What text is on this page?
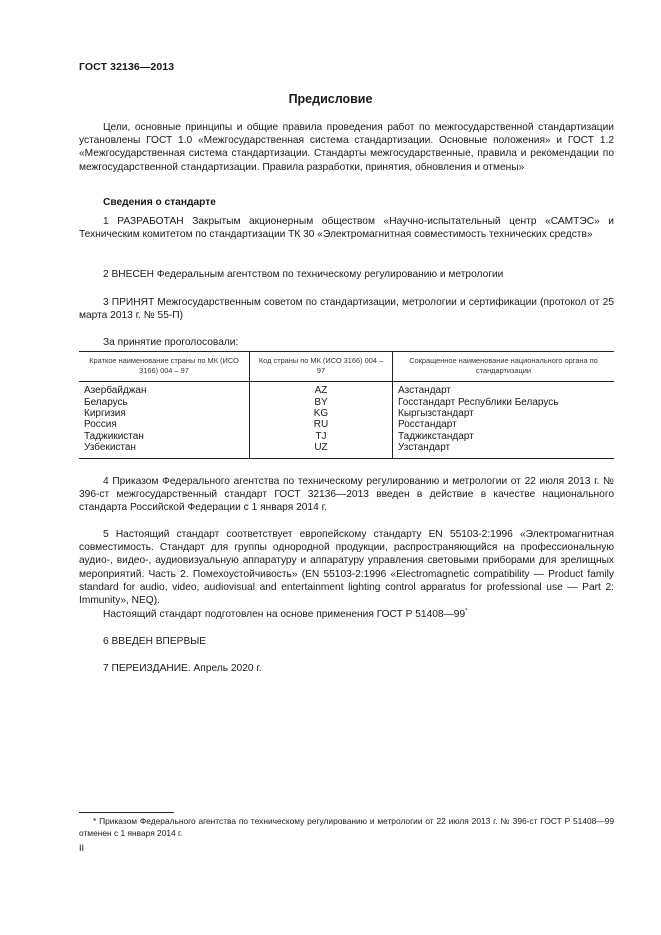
ГОСТ 32136—2013
Предисловие
Цели, основные принципы и общие правила проведения работ по межгосударственной стандартизации установлены ГОСТ 1.0 «Межгосударственная система стандартизации. Основные положения» и ГОСТ 1.2 «Межгосударственная система стандартизации. Стандарты межгосударственные, правила и рекомендации по межгосударственной стандартизации. Правила разработки, принятия, обновления и отмены»
Сведения о стандарте
1 РАЗРАБОТАН Закрытым акционерным обществом «Научно-испытательный центр «САМТЭС» и Техническим комитетом по стандартизации ТК 30 «Электромагнитная совместимость технических средств»
2 ВНЕСЕН Федеральным агентством по техническому регулированию и метрологии
3 ПРИНЯТ Межгосударственным советом по стандартизации, метрологии и сертификации (протокол от 25 марта 2013 г. № 55-П)
За принятие проголосовали:
Краткое наименование страны по МК (ИСО 3166) 004 – 97	Код страны по МК (ИСО 3166) 004 – 97	Сокращенное наименование национального органа по стандартизации
Азербайджан	AZ	Азстандарт
Беларусь	BY	Госстандарт Республики Беларусь
Киргизия	KG	Кыргызстандарт
Россия	RU	Росстандарт
Таджикистан	TJ	Таджикстандарт
Узбекистан	UZ	Узстандарт
4 Приказом Федерального агентства по техническому регулированию и метрологии от 22 июля 2013 г. № 396-ст межгосударственный стандарт ГОСТ 32136—2013 введен в действие в качестве национального стандарта Российской Федерации с 1 января 2014 г.
5 Настоящий стандарт соответствует европейскому стандарту EN 55103-2:1996 «Электромагнитная совместимость. Стандарт для группы однородной продукции, распространяющийся на профессиональную аудио-, видео-, аудиовизуальную аппаратуру и аппаратуру управления световыми приборами для зрелищных мероприятий. Часть 2. Помехоустойчивость» (EN 55103-2:1996 «Electromagnetic compatibility — Product family standard for audio, video, audiovisual and entertainment lighting control apparatus for professional use — Part 2: Immunity», NEQ).
Настоящий стандарт подготовлен на основе применения ГОСТ Р 51408—99*
6 ВВЕДЕН ВПЕРВЫЕ
7 ПЕРЕИЗДАНИЕ. Апрель 2020 г.
* Приказом Федерального агентства по техническому регулированию и метрологии от 22 июля 2013 г. № 396-ст ГОСТ Р 51408—99 отменен с 1 января 2014 г.
II
